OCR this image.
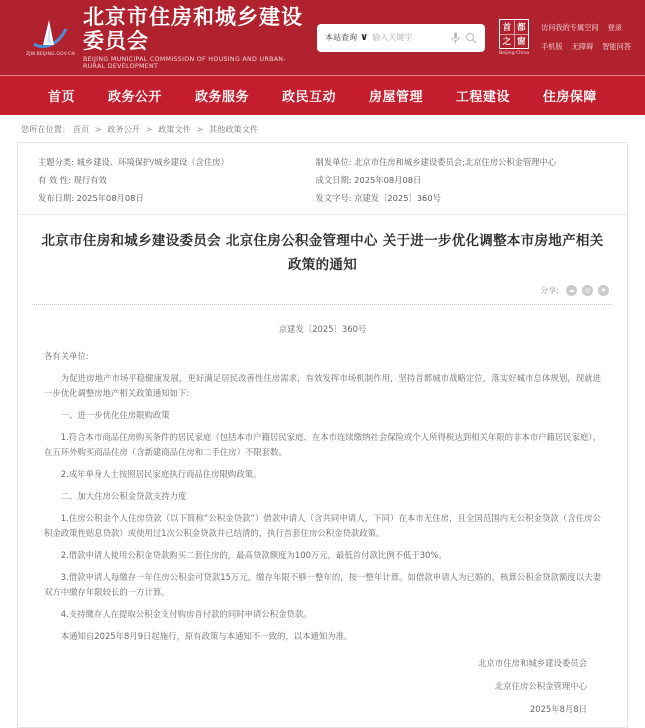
ZJW.BEIJING.GOV.CN
北京市住房和城乡建设委员会
BEIJING MUNICIPAL COMMISSION OF HOUSING AND URBAN-RURAL DEVELOPMENT
本站查询 ∨
输入关键字
首 都
之 窗
Beijing-China
访问我的专属空间 登录
手机版 无障碍 智能问答
首页	政务公开	政务服务	政民互动	房屋管理	工程建设	住房保障
您所在位置： 首页 > 政务公开 > 政策文件 > 其他政策文件
主题分类: 城乡建设、环境保护/城乡建设（含住房）	制发单位: 北京市住房和城乡建设委员会;北京住房公积金管理中心
有 效 性: 现行有效	成文日期: 2025年08月08日
发布日期: 2025年08月08日	发文字号: 京建发〔2025〕360号
北京市住房和城乡建设委员会 北京住房公积金管理中心 关于进一步优化调整本市房地产相关政策的通知
分享:	☁	◎	★
京建发〔2025〕360号
各有关单位:
为促进房地产市场平稳健康发展，更好满足居民改善性住房需求，有效发挥市场机制作用，坚持首都城市战略定位，落实好城市总体规划，现就进一步优化调整房地产相关政策通知如下:
一、进一步优化住房限购政策
1.符合本市商品住房购买条件的居民家庭（包括本市户籍居民家庭、在本市连续缴纳社会保险或个人所得税达到相关年限的非本市户籍居民家庭），在五环外购买商品住房（含新建商品住房和二手住房）不限套数。
2.成年单身人士按照居民家庭执行商品住房限购政策。
二、加大住房公积金贷款支持力度
1.住房公积金个人住房贷款（以下简称“公积金贷款”）借款申请人（含共同申请人，下同）在本市无住房，且全国范围内无公积金贷款（含住房公积金政策性贴息贷款）或使用过1次公积金贷款并已结清的，执行首套住房公积金贷款政策。
2.借款申请人使用公积金贷款购买二套住房的，最高贷款额度为100万元，最低首付款比例不低于30%。
3.借款申请人每缴存一年住房公积金可贷款15万元，缴存年限不够一整年的，按一整年计算。如借款申请人为已婚的，核算公积金贷款额度以夫妻双方中缴存年限较长的一方计算。
4.支持缴存人在提取公积金支付购房首付款的同时申请公积金贷款。
本通知自2025年8月9日起施行，原有政策与本通知不一致的，以本通知为准。
北京市住房和城乡建设委员会
北京住房公积金管理中心
2025年8月8日
